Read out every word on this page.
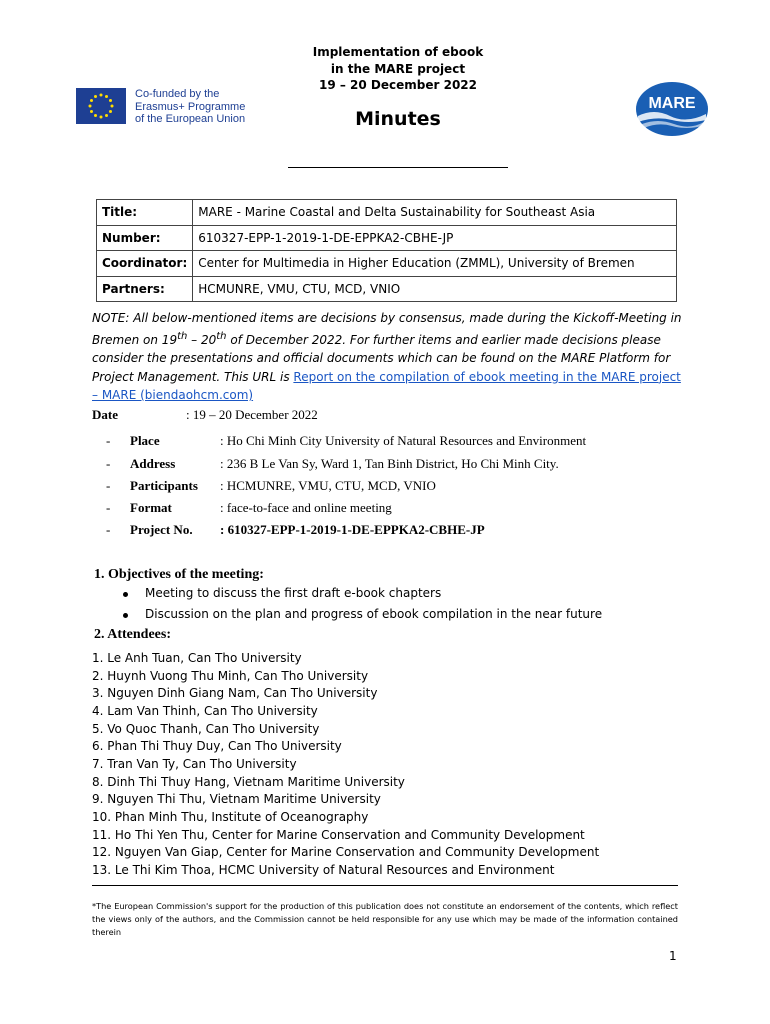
Implementation of ebook
in the MARE project
19 – 20 December 2022
Minutes
Co-funded by the
Erasmus+ Programme
of the European Union
MARE
Title:	MARE - Marine Coastal and Delta Sustainability for Southeast Asia
Number:	610327-EPP-1-2019-1-DE-EPPKA2-CBHE-JP
Coordinator:	Center for Multimedia in Higher Education (ZMML), University of Bremen
Partners:	HCMUNRE, VMU, CTU, MCD, VNIO
NOTE: All below-mentioned items are decisions by consensus, made during the Kickoff-Meeting in Bremen on 19th – 20th of December 2022. For further items and earlier made decisions please consider the presentations and official documents which can be found on the MARE Platform for Project Management. This URL is Report on the compilation of ebook meeting in the MARE project – MARE (biendaohcm.com)
Date	: 19 – 20 December 2022
- Place	: Ho Chi Minh City University of Natural Resources and Environment
- Address	: 236 B Le Van Sy, Ward 1, Tan Binh District, Ho Chi Minh City.
- Participants : HCMUNRE, VMU, CTU, MCD, VNIO
- Format	: face-to-face and online meeting
- Project No. : 610327-EPP-1-2019-1-DE-EPPKA2-CBHE-JP
1. Objectives of the meeting:
Meeting to discuss the first draft e-book chapters
Discussion on the plan and progress of ebook compilation in the near future
2. Attendees:
1. Le Anh Tuan, Can Tho University
2. Huynh Vuong Thu Minh, Can Tho University
3. Nguyen Dinh Giang Nam, Can Tho University
4. Lam Van Thinh, Can Tho University
5. Vo Quoc Thanh, Can Tho University
6. Phan Thi Thuy Duy, Can Tho University
7. Tran Van Ty, Can Tho University
8. Dinh Thi Thuy Hang, Vietnam Maritime University
9. Nguyen Thi Thu, Vietnam Maritime University
10. Phan Minh Thu, Institute of Oceanography
11. Ho Thi Yen Thu, Center for Marine Conservation and Community Development
12. Nguyen Van Giap, Center for Marine Conservation and Community Development
13. Le Thi Kim Thoa, HCMC University of Natural Resources and Environment
*The European Commission's support for the production of this publication does not constitute an endorsement of the contents, which reflect the views only of the authors, and the Commission cannot be held responsible for any use which may be made of the information contained therein
1
